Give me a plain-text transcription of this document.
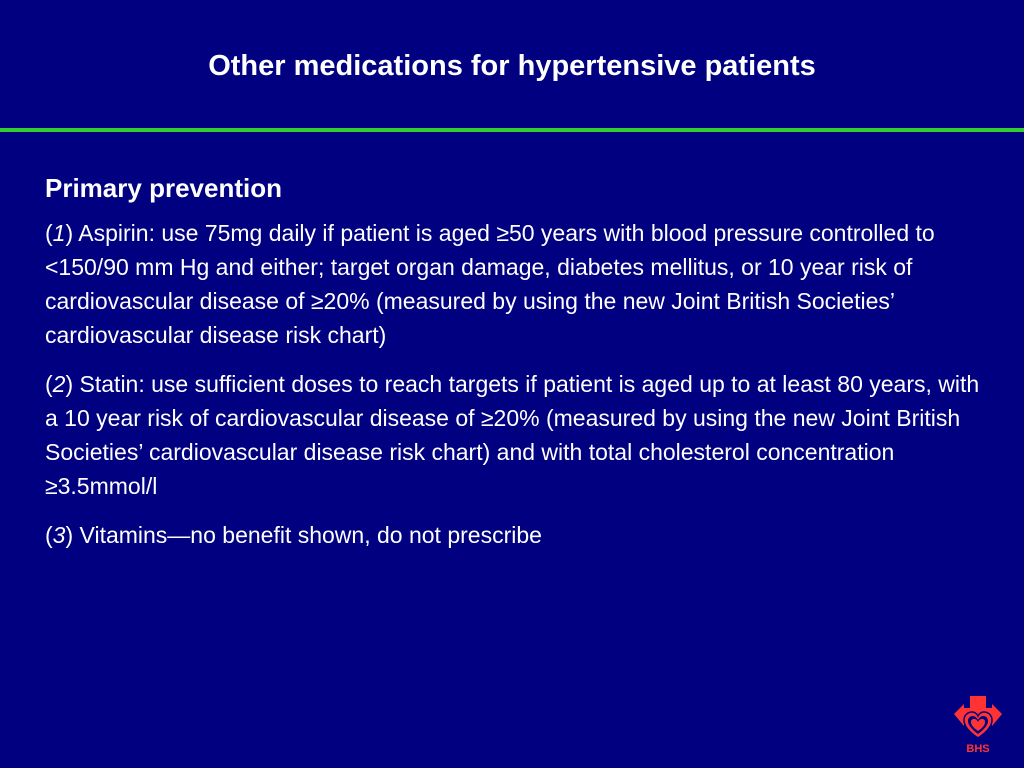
Other medications for hypertensive patients

Primary prevention

(1) Aspirin: use 75mg daily if patient is aged ≥50 years with blood pressure controlled to <150/90 mm Hg and either; target organ damage, diabetes mellitus, or 10 year risk of cardiovascular disease of ≥20% (measured by using the new Joint British Societies’ cardiovascular disease risk chart)

(2) Statin: use sufficient doses to reach targets if patient is aged up to at least 80 years, with a 10 year risk of cardiovascular disease of ≥20% (measured by using the new Joint British Societies’ cardiovascular disease risk chart) and with total cholesterol concentration ≥3.5mmol/l

(3) Vitamins—no benefit shown, do not prescribe

BHS
